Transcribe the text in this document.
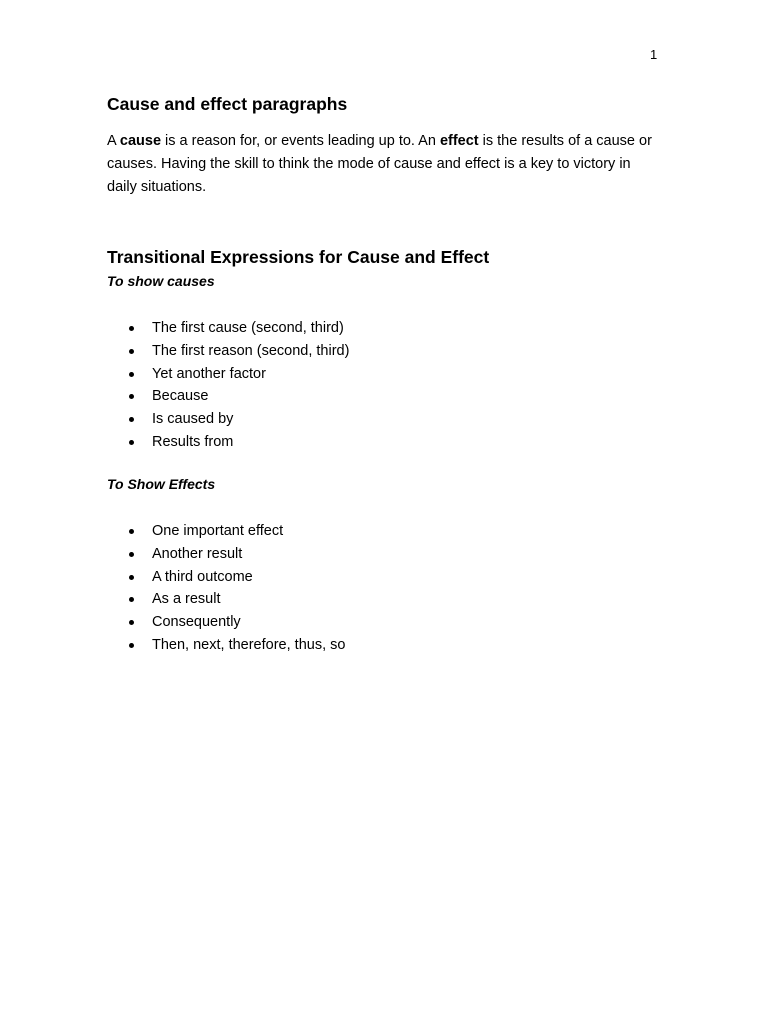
1
Cause and effect paragraphs

A cause is a reason for, or events leading up to. An effect is the results of a cause or causes. Having the skill to think the mode of cause and effect is a key to victory in daily situations.

Transitional Expressions for Cause and Effect
To show causes
The first cause (second, third)
The first reason (second, third)
Yet another factor
Because
Is caused by
Results from
To Show Effects
One important effect
Another result
A third outcome
As a result
Consequently
Then, next, therefore, thus, so
